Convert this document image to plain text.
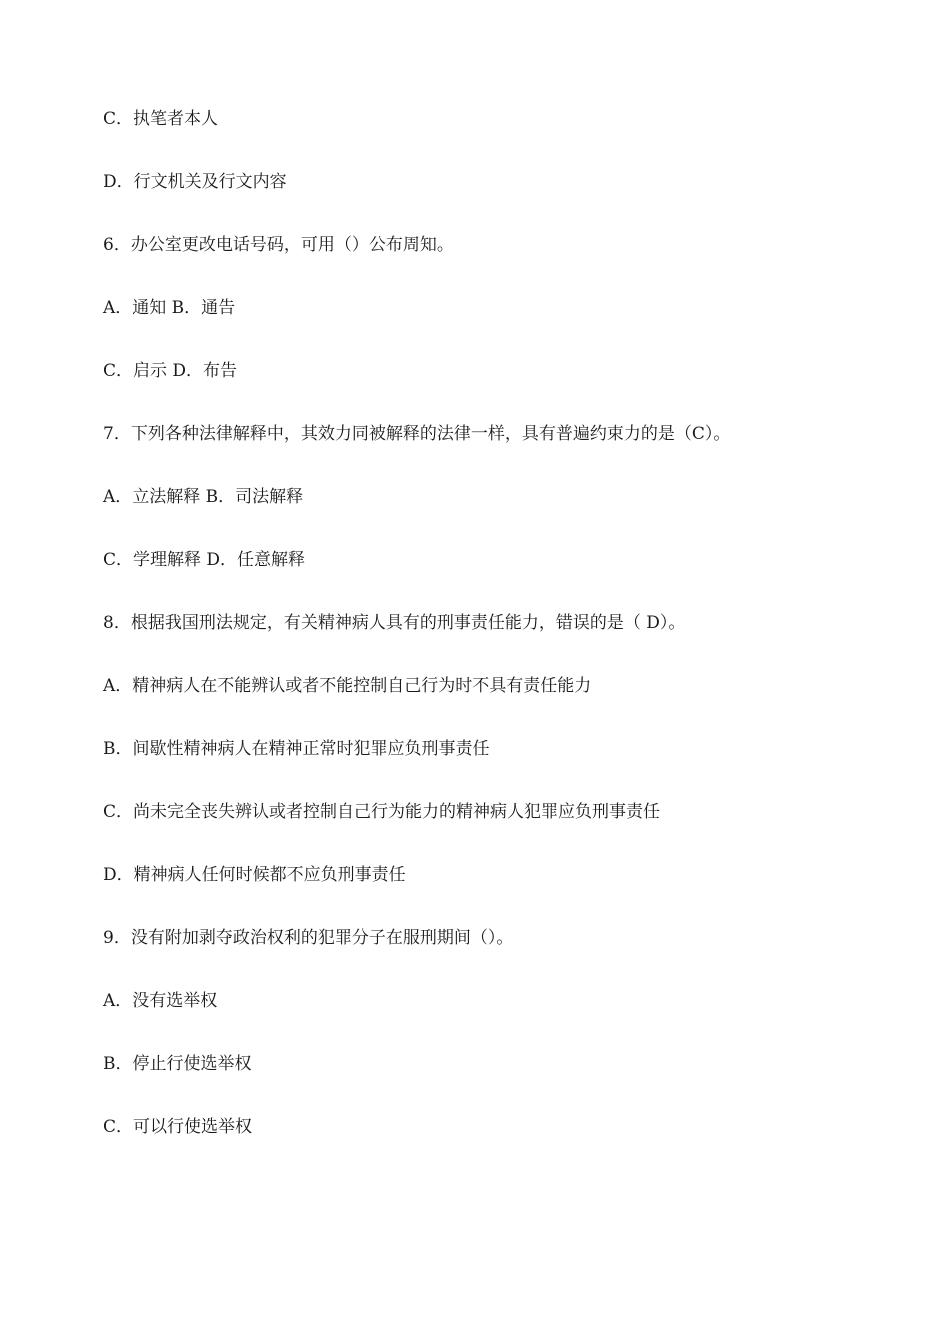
C．执笔者本人

D．行文机关及行文内容

6．办公室更改电话号码，可用（）公布周知。

A．通知 B．通告

C．启示 D．布告

7．下列各种法律解释中，其效力同被解释的法律一样，具有普遍约束力的是（C）。

A．立法解释 B．司法解释

C．学理解释 D．任意解释

8．根据我国刑法规定，有关精神病人具有的刑事责任能力，错误的是（ D）。

A．精神病人在不能辨认或者不能控制自己行为时不具有责任能力

B．间歇性精神病人在精神正常时犯罪应负刑事责任

C．尚未完全丧失辨认或者控制自己行为能力的精神病人犯罪应负刑事责任

D．精神病人任何时候都不应负刑事责任

9．没有附加剥夺政治权利的犯罪分子在服刑期间（）。

A．没有选举权

B．停止行使选举权

C．可以行使选举权
